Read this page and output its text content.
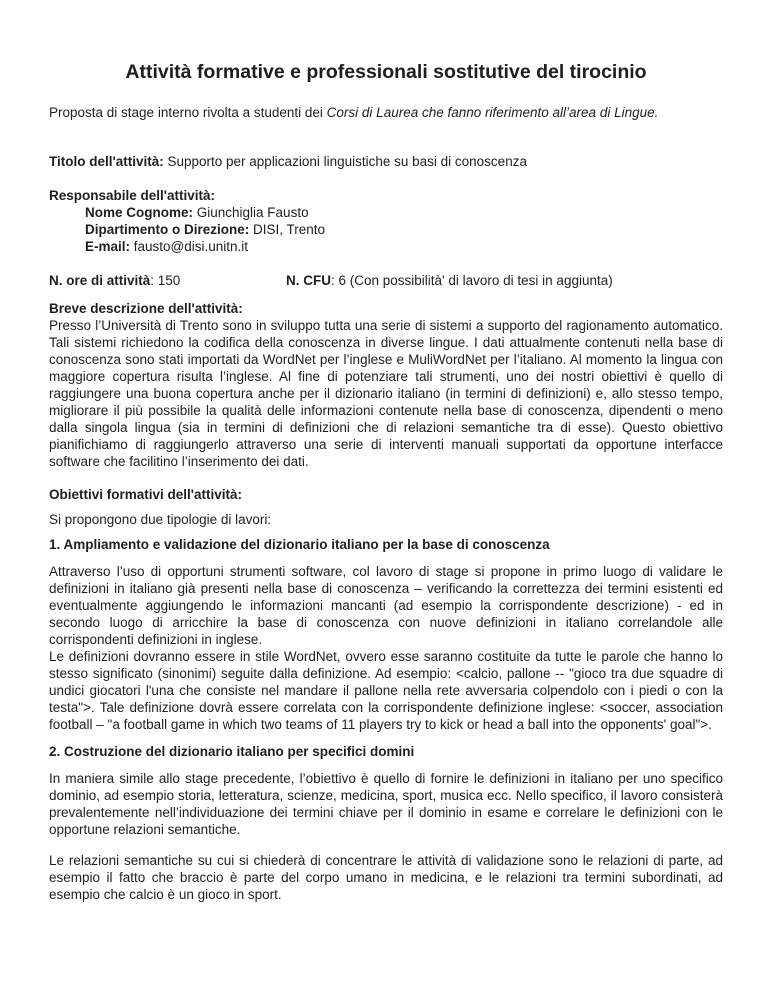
Attività formative e professionali sostitutive del tirocinio

Proposta di stage interno rivolta a studenti dei Corsi di Laurea che fanno riferimento all’area di Lingue.

Titolo dell'attività: Supporto per applicazioni linguistiche su basi di conoscenza

Responsabile dell'attività:

Nome Cognome: Giunchiglia Fausto

Dipartimento o Direzione: DISI, Trento

E-mail: fausto@disi.unitn.it

N. ore di attività: 150	N. CFU: 6 (Con possibilità' di lavoro di tesi in aggiunta)

Breve descrizione dell'attività:

Presso l’Università di Trento sono in sviluppo tutta una serie di sistemi a supporto del ragionamento automatico. Tali sistemi richiedono la codifica della conoscenza in diverse lingue. I dati attualmente contenuti nella base di conoscenza sono stati importati da WordNet per l’inglese e MuliWordNet per l’italiano. Al momento la lingua con maggiore copertura risulta l’inglese. Al fine di potenziare tali strumenti, uno dei nostri obiettivi è quello di raggiungere una buona copertura anche per il dizionario italiano (in termini di definizioni) e, allo stesso tempo, migliorare il più possibile la qualità delle informazioni contenute nella base di conoscenza, dipendenti o meno dalla singola lingua (sia in termini di definizioni che di relazioni semantiche tra di esse). Questo obiettivo pianifichiamo di raggiungerlo attraverso una serie di interventi manuali supportati da opportune interfacce software che facilitino l’inserimento dei dati.

Obiettivi formativi dell'attività:

Si propongono due tipologie di lavori:

1. Ampliamento e validazione del dizionario italiano per la base di conoscenza

Attraverso l’uso di opportuni strumenti software, col lavoro di stage si propone in primo luogo di validare le definizioni in italiano già presenti nella base di conoscenza – verificando la correttezza dei termini esistenti ed eventualmente aggiungendo le informazioni mancanti (ad esempio la corrispondente descrizione) - ed in secondo luogo di arricchire la base di conoscenza con nuove definizioni in italiano correlandole alle corrispondenti definizioni in inglese.

Le definizioni dovranno essere in stile WordNet, ovvero esse saranno costituite da tutte le parole che hanno lo stesso significato (sinonimi) seguite dalla definizione. Ad esempio: <calcio, pallone -- "gioco tra due squadre di undici giocatori l'una che consiste nel mandare il pallone nella rete avversaria colpendolo con i piedi o con la testa">. Tale definizione dovrà essere correlata con la corrispondente definizione inglese: <soccer, association football – "a football game in which two teams of 11 players try to kick or head a ball into the opponents' goal">.

2. Costruzione del dizionario italiano per specifici domini

In maniera simile allo stage precedente, l’obiettivo è quello di fornire le definizioni in italiano per uno specifico dominio, ad esempio storia, letteratura, scienze, medicina, sport, musica ecc. Nello specifico, il lavoro consisterà prevalentemente nell’individuazione dei termini chiave per il dominio in esame e correlare le definizioni con le opportune relazioni semantiche.

Le relazioni semantiche su cui si chiederà di concentrare le attività di validazione sono le relazioni di parte, ad esempio il fatto che braccio è parte del corpo umano in medicina, e le relazioni tra termini subordinati, ad esempio che calcio è un gioco in sport.
